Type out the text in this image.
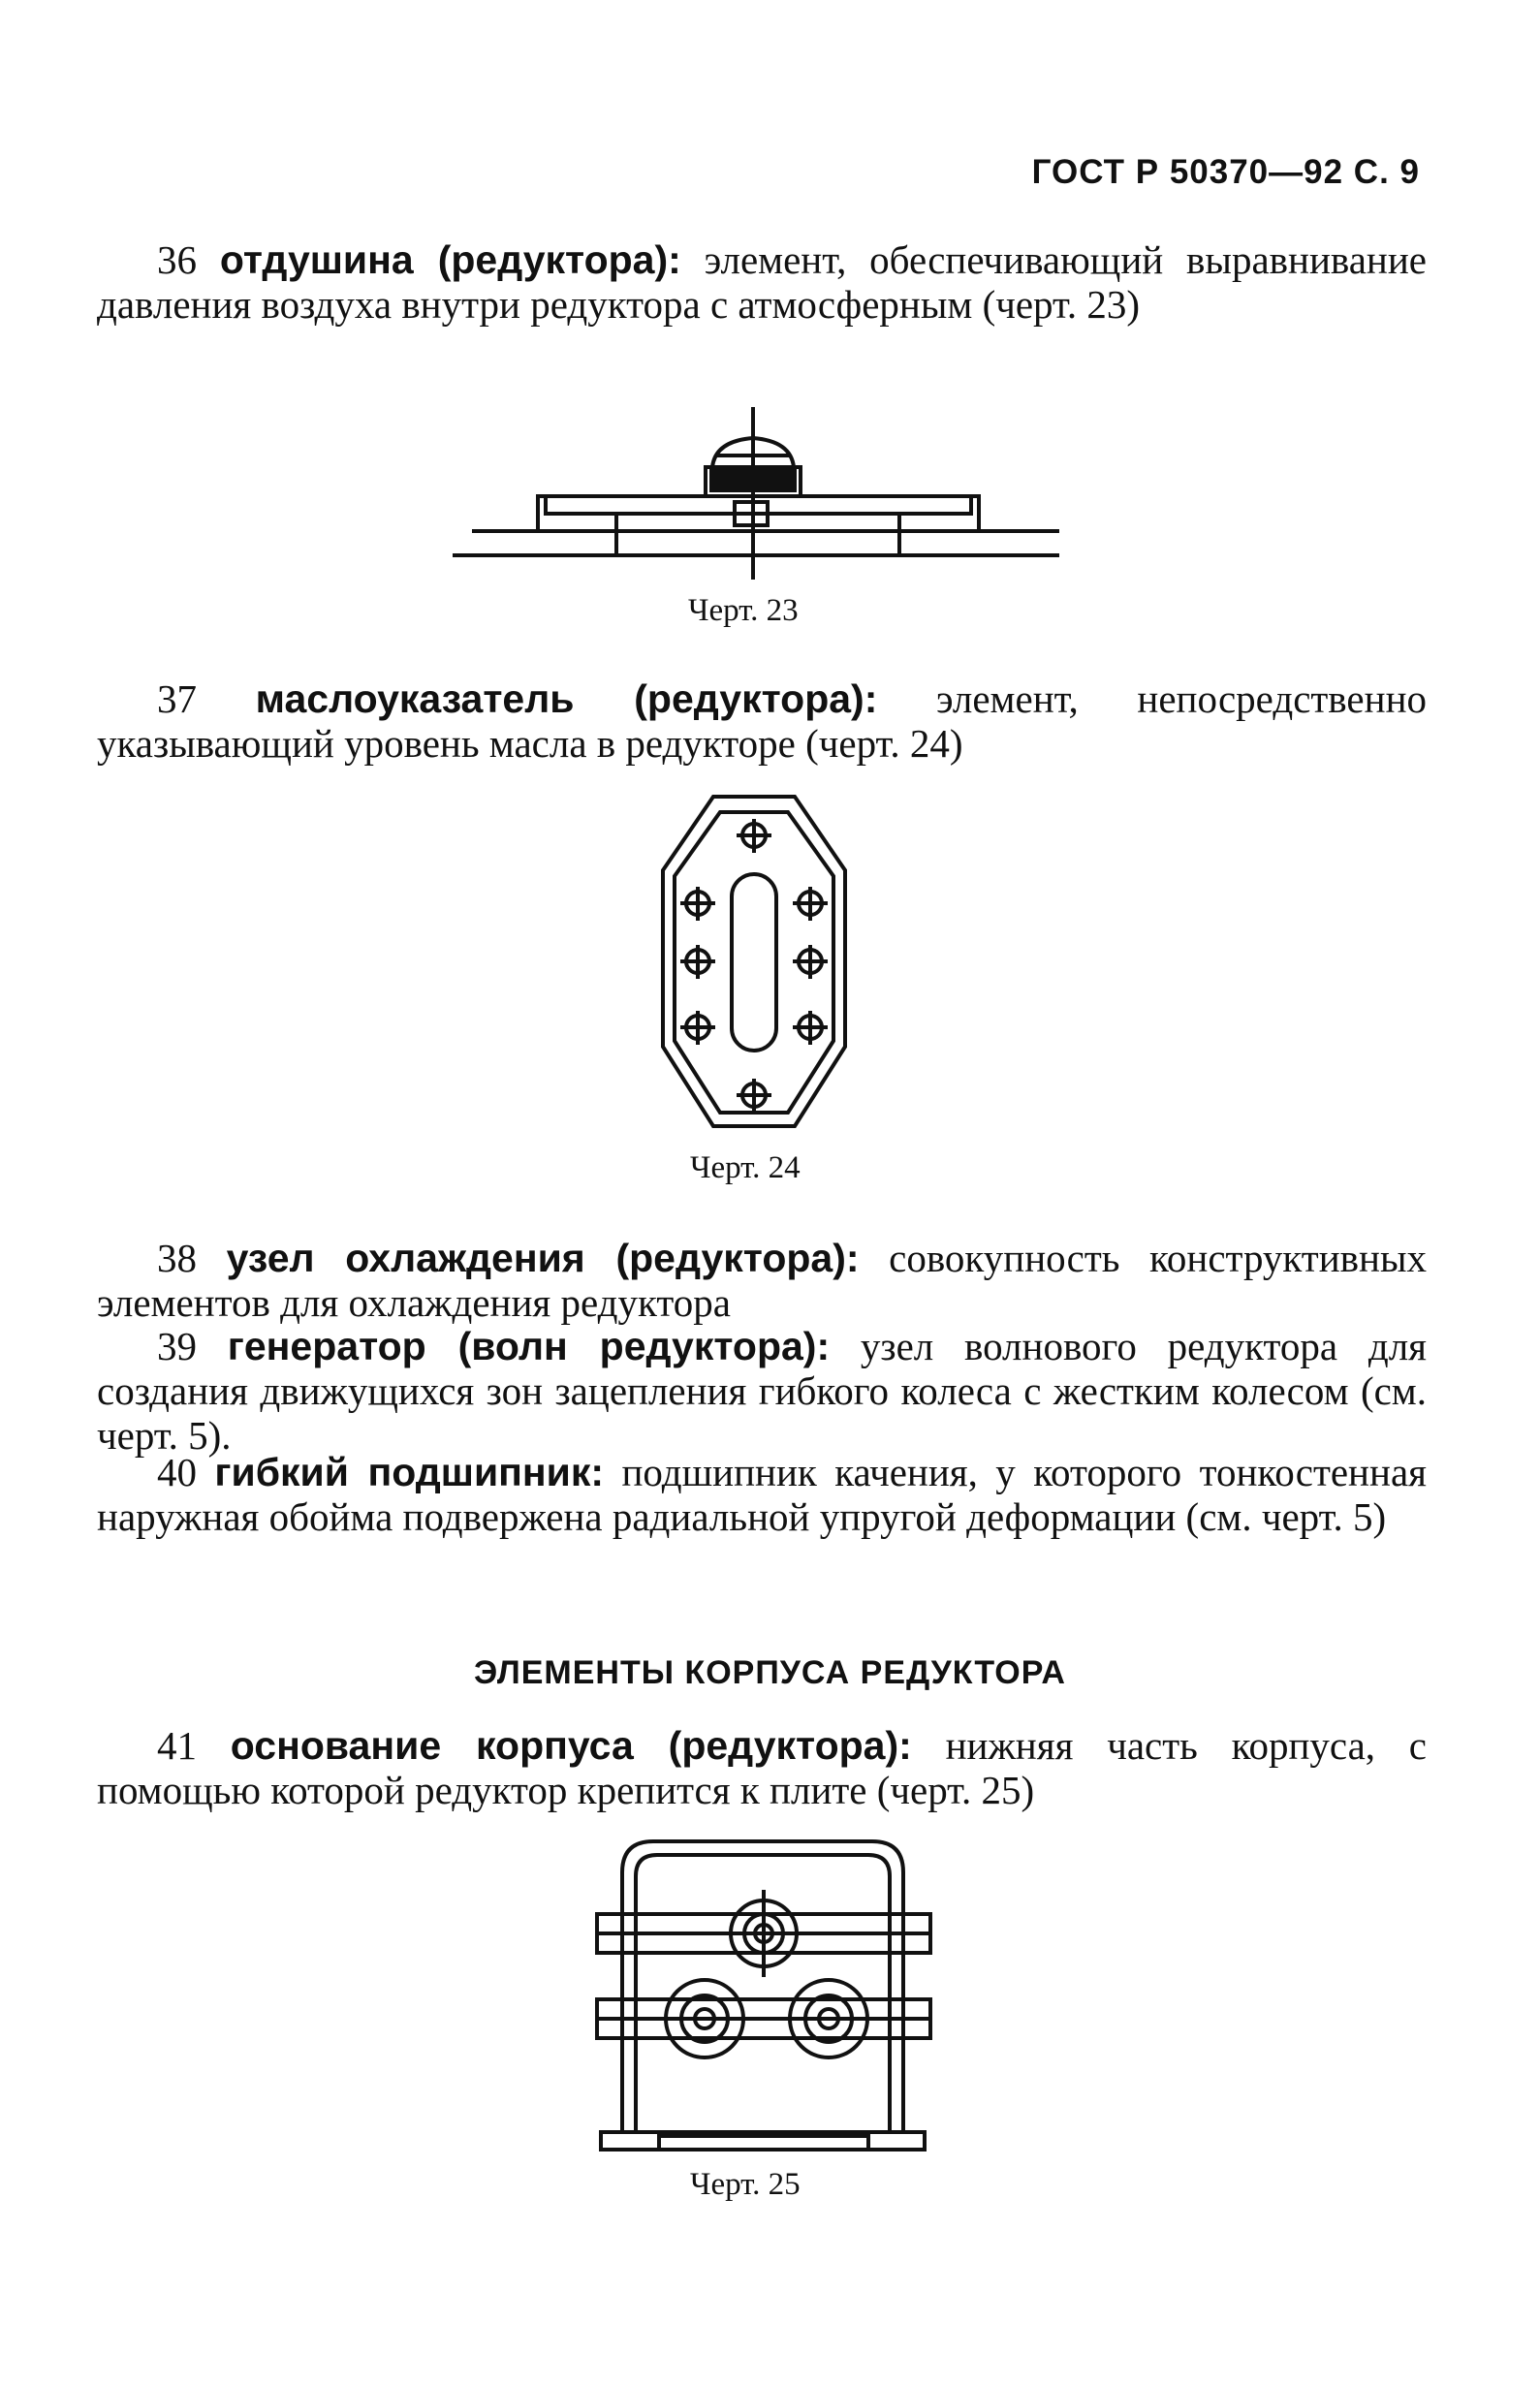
ГОСТ Р 50370—92 С. 9
36 отдушина (редуктора): элемент, обеспечивающий выравнивание давления воздуха внутри редуктора с атмосферным (черт. 23)
Черт. 23
37 маслоуказатель (редуктора): элемент, непосредственно указывающий уровень масла в редукторе (черт. 24)
Черт. 24
38 узел охлаждения (редуктора): совокупность конструктивных элементов для охлаждения редуктора
39 генератор (волн редуктора): узел волнового редуктора для создания движущихся зон зацепления гибкого колеса с жестким колесом (см. черт. 5).
40 гибкий подшипник: подшипник качения, у которого тонкостенная наружная обойма подвержена радиальной упругой деформации (см. черт. 5)
ЭЛЕМЕНТЫ КОРПУСА РЕДУКТОРА
41 основание корпуса (редуктора): нижняя часть корпуса, с помощью которой редуктор крепится к плите (черт. 25)
Черт. 25
